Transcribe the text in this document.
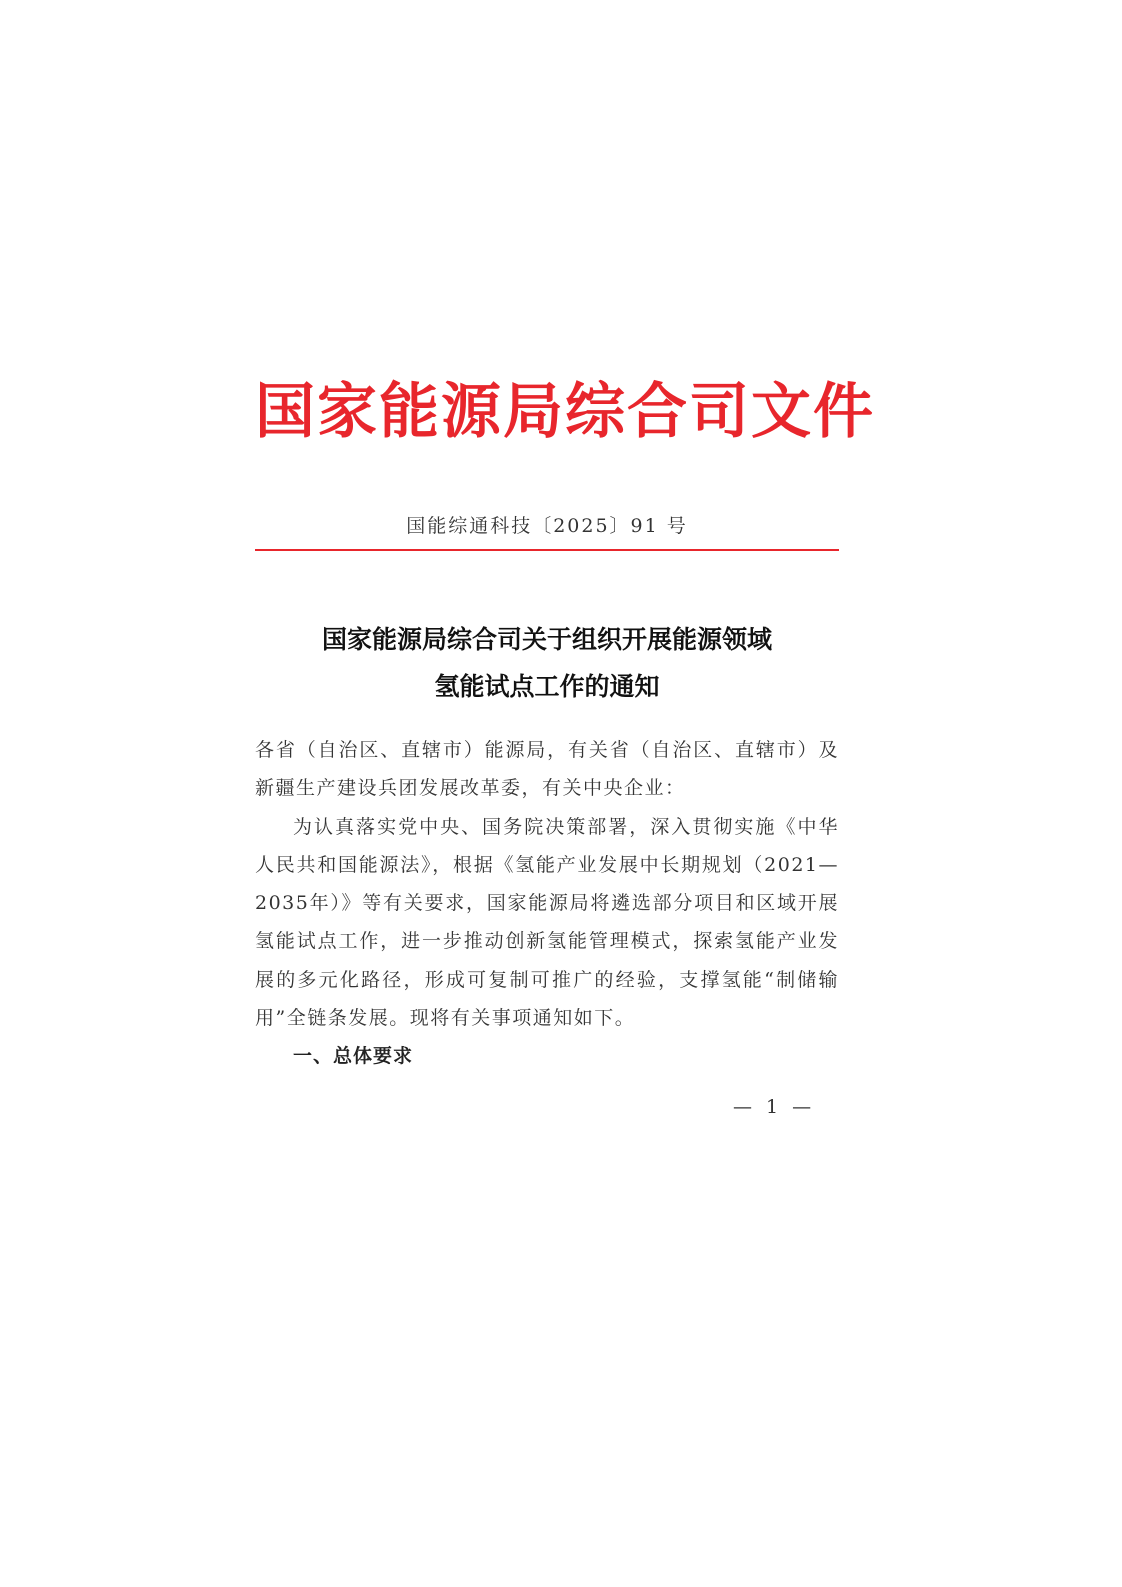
国家能源局综合司文件
国能综通科技〔2025〕91 号
国家能源局综合司关于组织开展能源领域
氢能试点工作的通知

各省（自治区、直辖市）能源局，有关省（自治区、直辖市）及新疆生产建设兵团发展改革委，有关中央企业：

为认真落实党中央、国务院决策部署，深入贯彻实施《中华人民共和国能源法》，根据《氢能产业发展中长期规划（2021—2035年）》等有关要求，国家能源局将遴选部分项目和区域开展氢能试点工作，进一步推动创新氢能管理模式，探索氢能产业发展的多元化路径，形成可复制可推广的经验，支撑氢能“制储输用”全链条发展。现将有关事项通知如下。

一、总体要求

— 1 —
